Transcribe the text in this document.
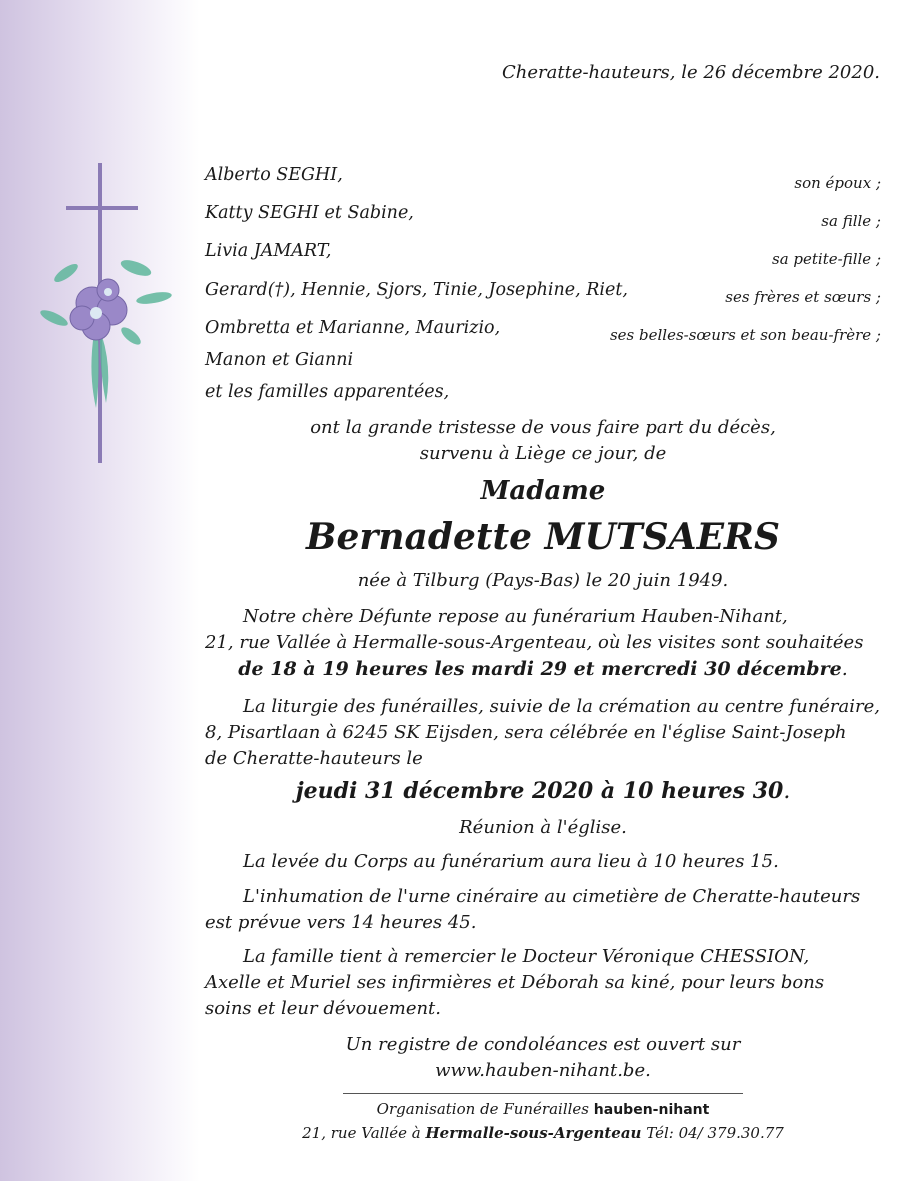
Cheratte-hauteurs, le 26 décembre 2020.
Alberto SEGHI,	son époux ;
Katty SEGHI et Sabine,	sa fille ;
Livia JAMART,	sa petite-fille ;
Gerard(†), Hennie, Sjors, Tinie, Josephine, Riet,	ses frères et sœurs ;
Ombretta et Marianne, Maurizio,	ses belles-sœurs et son beau-frère ;
Manon et Gianni
et les familles apparentées,
ont la grande tristesse de vous faire part du décès,
survenu à Liège ce jour, de
Madame
Bernadette MUTSAERS
née à Tilburg (Pays-Bas) le 20 juin 1949.
Notre chère Défunte repose au funérarium Hauben-Nihant,
21, rue Vallée à Hermalle-sous-Argenteau, où les visites sont souhaitées
de 18 à 19 heures les mardi 29 et mercredi 30 décembre.
La liturgie des funérailles, suivie de la crémation au centre funéraire,
8, Pisartlaan à 6245 SK Eijsden, sera célébrée en l'église Saint-Joseph
de Cheratte-hauteurs le
jeudi 31 décembre 2020 à 10 heures 30.
Réunion à l'église.
La levée du Corps au funérarium aura lieu à 10 heures 15.
L'inhumation de l'urne cinéraire au cimetière de Cheratte-hauteurs
est prévue vers 14 heures 45.
La famille tient à remercier le Docteur Véronique CHESSION,
Axelle et Muriel ses infirmières et Déborah sa kiné, pour leurs bons
soins et leur dévouement.
Un registre de condoléances est ouvert sur
www.hauben-nihant.be.
Organisation de Funérailles hauben-nihant
21, rue Vallée à Hermalle-sous-Argenteau Tél: 04/ 379.30.77
